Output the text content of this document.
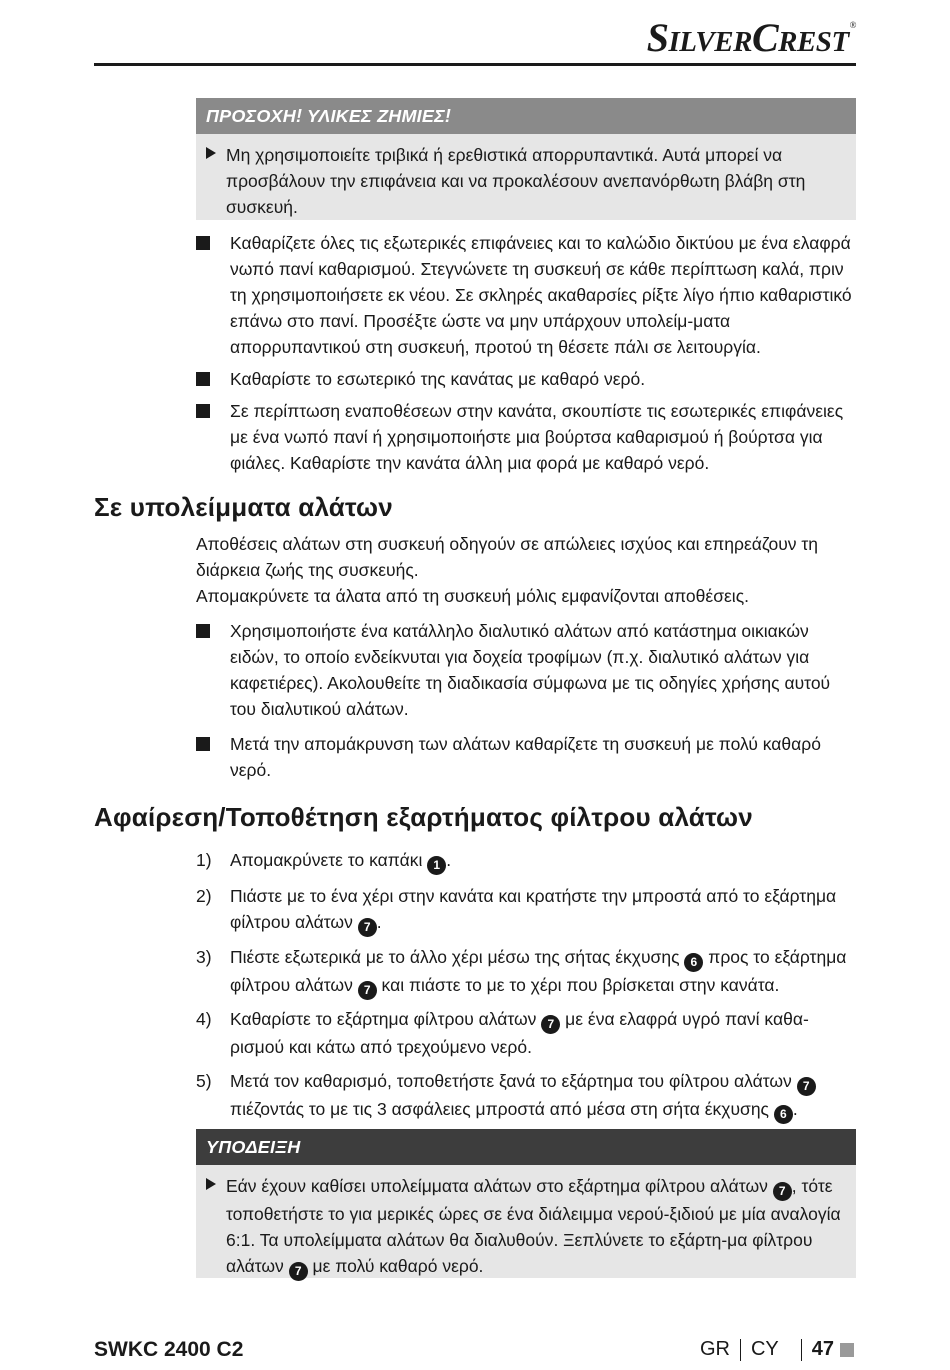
SILVERCREST®
ΠΡΟΣΟΧΗ! ΥΛΙΚΕΣ ΖΗΜΙΕΣ!
Μη χρησιμοποιείτε τριβικά ή ερεθιστικά απορρυπαντικά. Αυτά μπορεί να προσβάλουν την επιφάνεια και να προκαλέσουν ανεπανόρθωτη βλάβη στη συσκευή.
Καθαρίζετε όλες τις εξωτερικές επιφάνειες και το καλώδιο δικτύου με ένα ελαφρά νωπό πανί καθαρισμού. Στεγνώνετε τη συσκευή σε κάθε περίπτωση καλά, πριν τη χρησιμοποιήσετε εκ νέου. Σε σκληρές ακαθαρσίες ρίξτε λίγο ήπιο καθαριστικό επάνω στο πανί. Προσέξτε ώστε να μην υπάρχουν υπολείμ-ματα απορρυπαντικού στη συσκευή, προτού τη θέσετε πάλι σε λειτουργία.
Καθαρίστε το εσωτερικό της κανάτας με καθαρό νερό.
Σε περίπτωση εναποθέσεων στην κανάτα, σκουπίστε τις εσωτερικές επιφάνειες με ένα νωπό πανί ή χρησιμοποιήστε μια βούρτσα καθαρισμού ή βούρτσα για φιάλες. Καθαρίστε την κανάτα άλλη μια φορά με καθαρό νερό.
Σε υπολείμματα αλάτων
Αποθέσεις αλάτων στη συσκευή οδηγούν σε απώλειες ισχύος και επηρεάζουν τη διάρκεια ζωής της συσκευής.
Απομακρύνετε τα άλατα από τη συσκευή μόλις εμφανίζονται αποθέσεις.
Χρησιμοποιήστε ένα κατάλληλο διαλυτικό αλάτων από κατάστημα οικιακών ειδών, το οποίο ενδείκνυται για δοχεία τροφίμων (π.χ. διαλυτικό αλάτων για καφετιέρες). Ακολουθείτε τη διαδικασία σύμφωνα με τις οδηγίες χρήσης αυτού του διαλυτικού αλάτων.
Μετά την απομάκρυνση των αλάτων καθαρίζετε τη συσκευή με πολύ καθαρό νερό.
Αφαίρεση/Τοποθέτηση εξαρτήματος φίλτρου αλάτων
1) Απομακρύνετε το καπάκι 1 .
2) Πιάστε με το ένα χέρι στην κανάτα και κρατήστε την μπροστά από το εξάρτημα φίλτρου αλάτων 7 .
3) Πιέστε εξωτερικά με το άλλο χέρι μέσω της σήτας έκχυσης 6 προς το εξάρτημα φίλτρου αλάτων 7 και πιάστε το με το χέρι που βρίσκεται στην κανάτα.
4) Καθαρίστε το εξάρτημα φίλτρου αλάτων 7 με ένα ελαφρά υγρό πανί καθα-ρισμού και κάτω από τρεχούμενο νερό.
5) Μετά τον καθαρισμό, τοποθετήστε ξανά το εξάρτημα του φίλτρου αλάτων 7 πιέζοντάς το με τις 3 ασφάλειες μπροστά από μέσα στη σήτα έκχυσης 6 .
ΥΠΟΔΕΙΞΗ
Εάν έχουν καθίσει υπολείμματα αλάτων στο εξάρτημα φίλτρου αλάτων 7 , τότε τοποθετήστε το για μερικές ώρες σε ένα διάλειμμα νερού-ξιδιού με μία αναλογία 6:1. Τα υπολείμματα αλάτων θα διαλυθούν. Ξεπλύνετε το εξάρτη-μα φίλτρου αλάτων 7 με πολύ καθαρό νερό.
SWKC 2400 C2	GR CY 47
